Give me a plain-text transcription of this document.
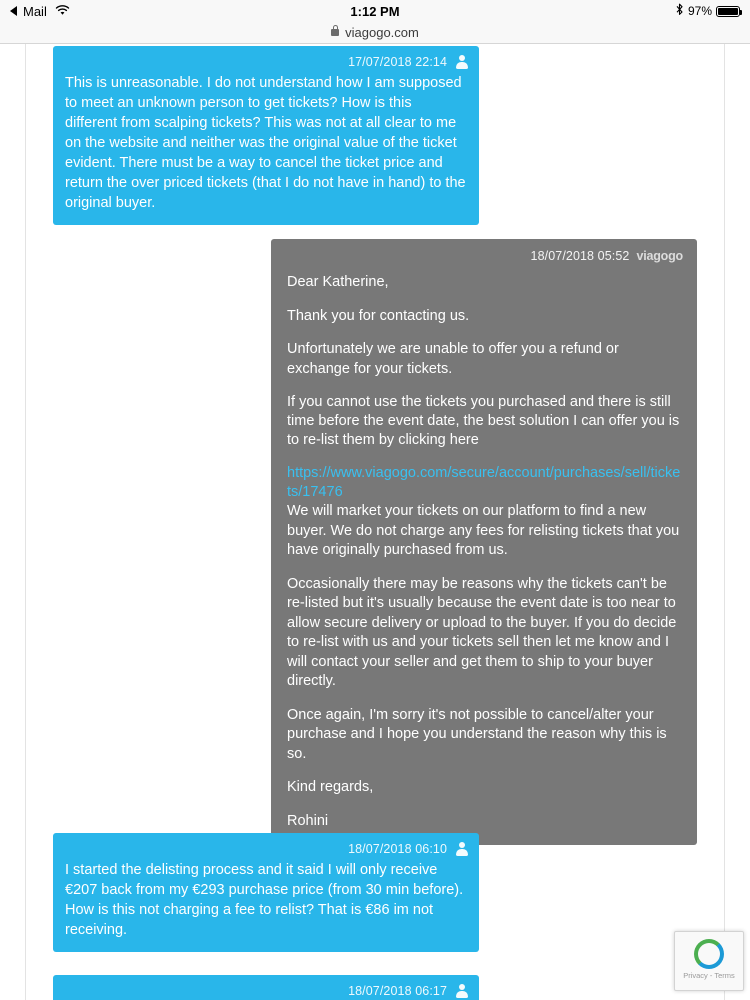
Mail	1:12 PM	97%
viagogo.com
17/07/2018 22:14

This is unreasonable. I do not understand how I am supposed to meet an unknown person to get tickets? How is this different from scalping tickets? This was not at all clear to me on the website and neither was the original value of the ticket evident. There must be a way to cancel the ticket price and return the over priced tickets (that I do not have in hand) to the original buyer.

18/07/2018 05:52 viagogo

Dear Katherine,

Thank you for contacting us.

Unfortunately we are unable to offer you a refund or exchange for your tickets.

If you cannot use the tickets you purchased and there is still time before the event date, the best solution I can offer you is to re-list them by clicking here

https://www.viagogo.com/secure/account/purchases/sell/tickets/17476

We will market your tickets on our platform to find a new buyer. We do not charge any fees for relisting tickets that you have originally purchased from us.

Occasionally there may be reasons why the tickets can't be re-listed but it's usually because the event date is too near to allow secure delivery or upload to the buyer. If you do decide to re-list with us and your tickets sell then let me know and I will contact your seller and get them to ship to your buyer directly.

Once again, I'm sorry it's not possible to cancel/alter your purchase and I hope you understand the reason why this is so.

Kind regards,

Rohini

18/07/2018 06:10

I started the delisting process and it said I will only receive €207 back from my €293 purchase price (from 30 min before). How is this not charging a fee to relist? That is €86 im not receiving.

18/07/2018 06:17

Privacy - Terms
